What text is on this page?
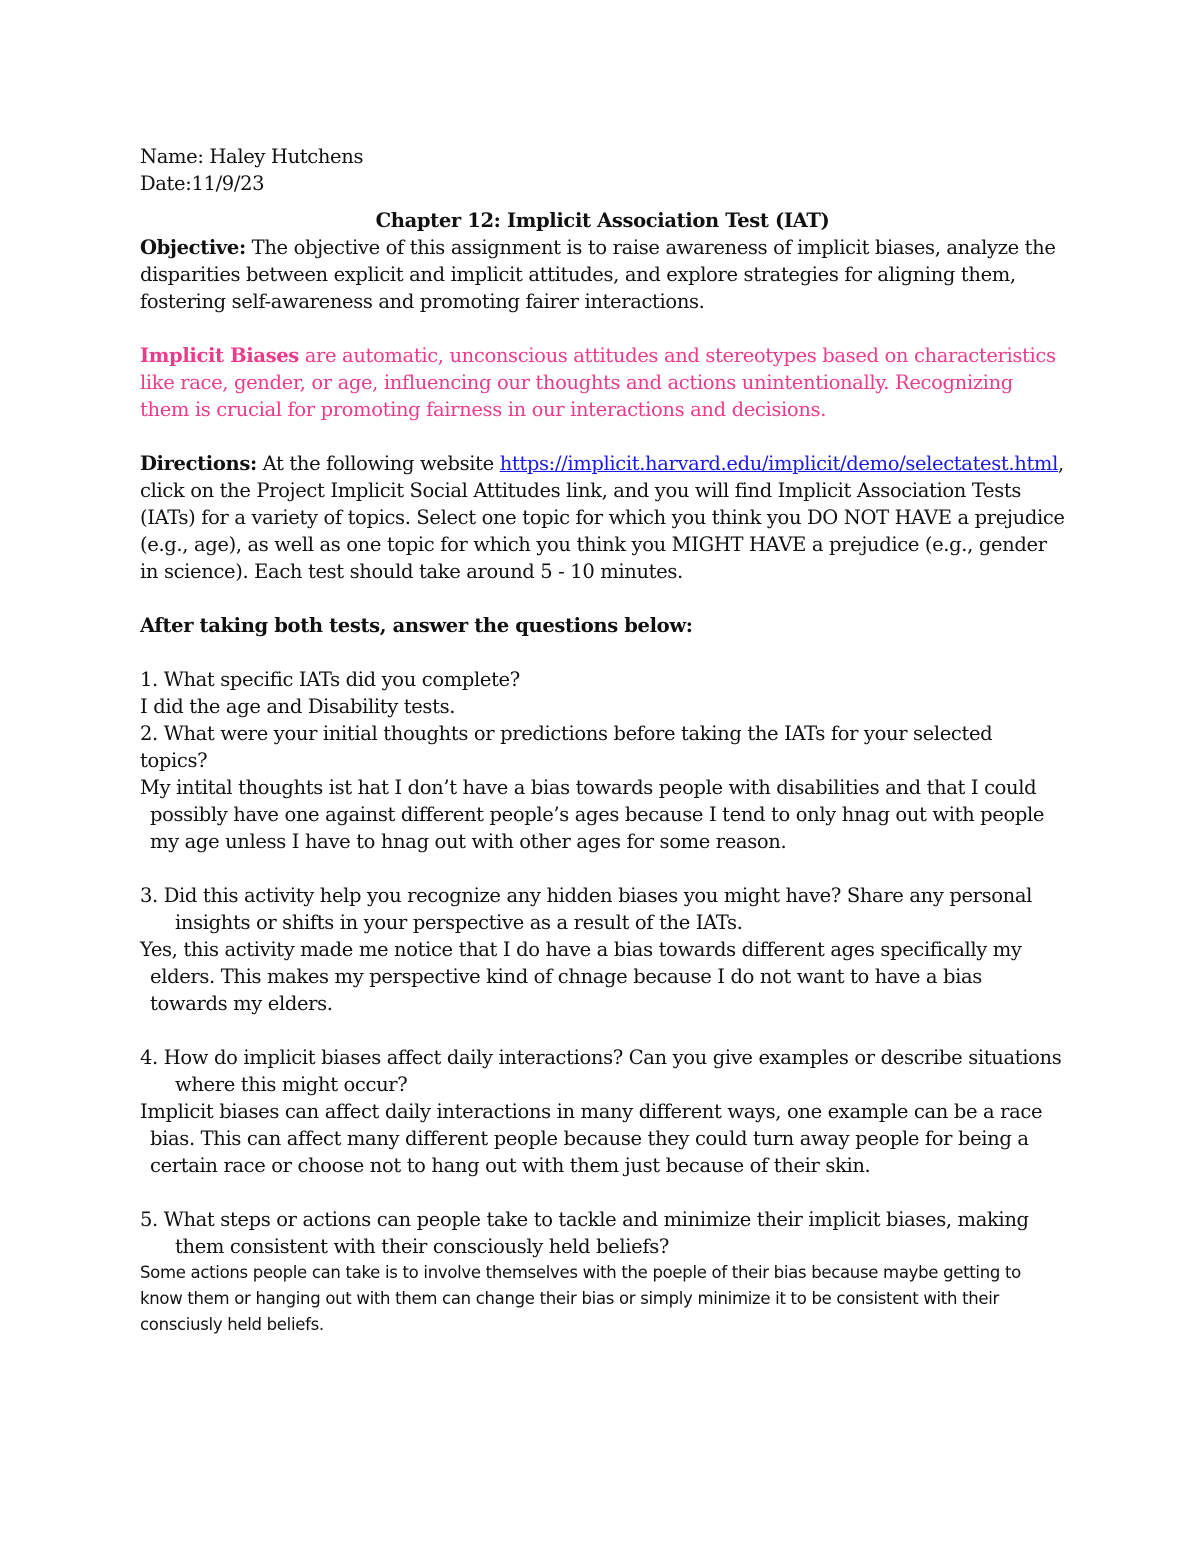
Name: Haley Hutchens

Date:11/9/23

Chapter 12: Implicit Association Test (IAT)

Objective: The objective of this assignment is to raise awareness of implicit biases, analyze the disparities between explicit and implicit attitudes, and explore strategies for aligning them, fostering self-awareness and promoting fairer interactions.

Implicit Biases are automatic, unconscious attitudes and stereotypes based on characteristics like race, gender, or age, influencing our thoughts and actions unintentionally. Recognizing them is crucial for promoting fairness in our interactions and decisions.

Directions: At the following website https://implicit.harvard.edu/implicit/demo/selectatest.html, click on the Project Implicit Social Attitudes link, and you will find Implicit Association Tests (IATs) for a variety of topics. Select one topic for which you think you DO NOT HAVE a prejudice (e.g., age), as well as one topic for which you think you MIGHT HAVE a prejudice (e.g., gender in science). Each test should take around 5 - 10 minutes.

After taking both tests, answer the questions below:

1. What specific IATs did you complete?

I did the age and Disability tests.

2. What were your initial thoughts or predictions before taking the IATs for your selected topics?

My intital thoughts ist hat I don’t have a bias towards people with disabilities and that I could possibly have one against different people’s ages because I tend to only hnag out with people my age unless I have to hnag out with other ages for some reason.

3. Did this activity help you recognize any hidden biases you might have? Share any personal insights or shifts in your perspective as a result of the IATs.

Yes, this activity made me notice that I do have a bias towards different ages specifically my elders. This makes my perspective kind of chnage because I do not want to have a bias towards my elders.

4. How do implicit biases affect daily interactions? Can you give examples or describe situations where this might occur?

Implicit biases can affect daily interactions in many different ways, one example can be a race bias. This can affect many different people because they could turn away people for being a certain race or choose not to hang out with them just because of their skin.

5. What steps or actions can people take to tackle and minimize their implicit biases, making them consistent with their consciously held beliefs?

Some actions people can take is to involve themselves with the poeple of their bias because maybe getting to know them or hanging out with them can change their bias or simply minimize it to be consistent with their consciusly held beliefs.
